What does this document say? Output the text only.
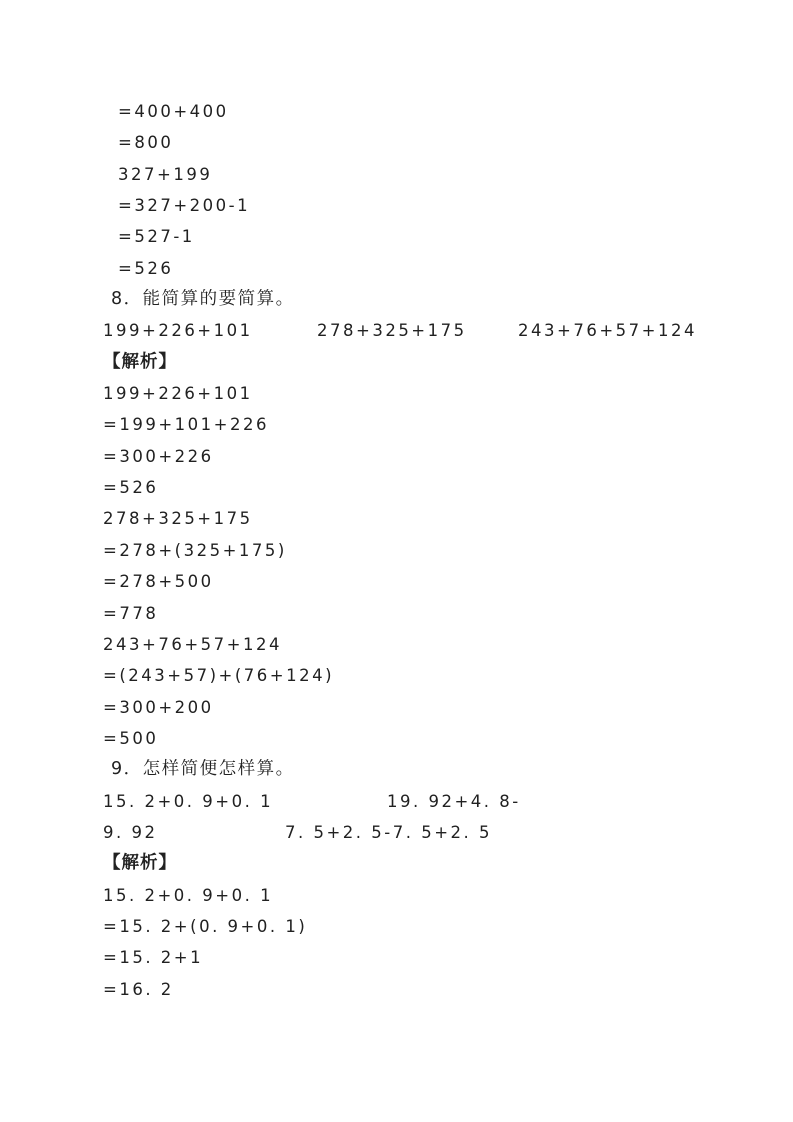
=400+400

=800

327+199

=327+200-1

=527-1

=526

8．能简算的要简算。

199+226+101

	278+325+175

	243+76+57+124

【解析】

199+226+101

=199+101+226

=300+226

=526

278+325+175

=278+(325+175)

=278+500

=778

243+76+57+124

=(243+57)+(76+124)

=300+200

=500

9．怎样简便怎样算。

15. 2+0. 9+0. 1

	19. 92+4. 8-

9. 92

	7. 5+2. 5-7. 5+2. 5

【解析】

15. 2+0. 9+0. 1

=15. 2+(0. 9+0. 1)

=15. 2+1

=16. 2
